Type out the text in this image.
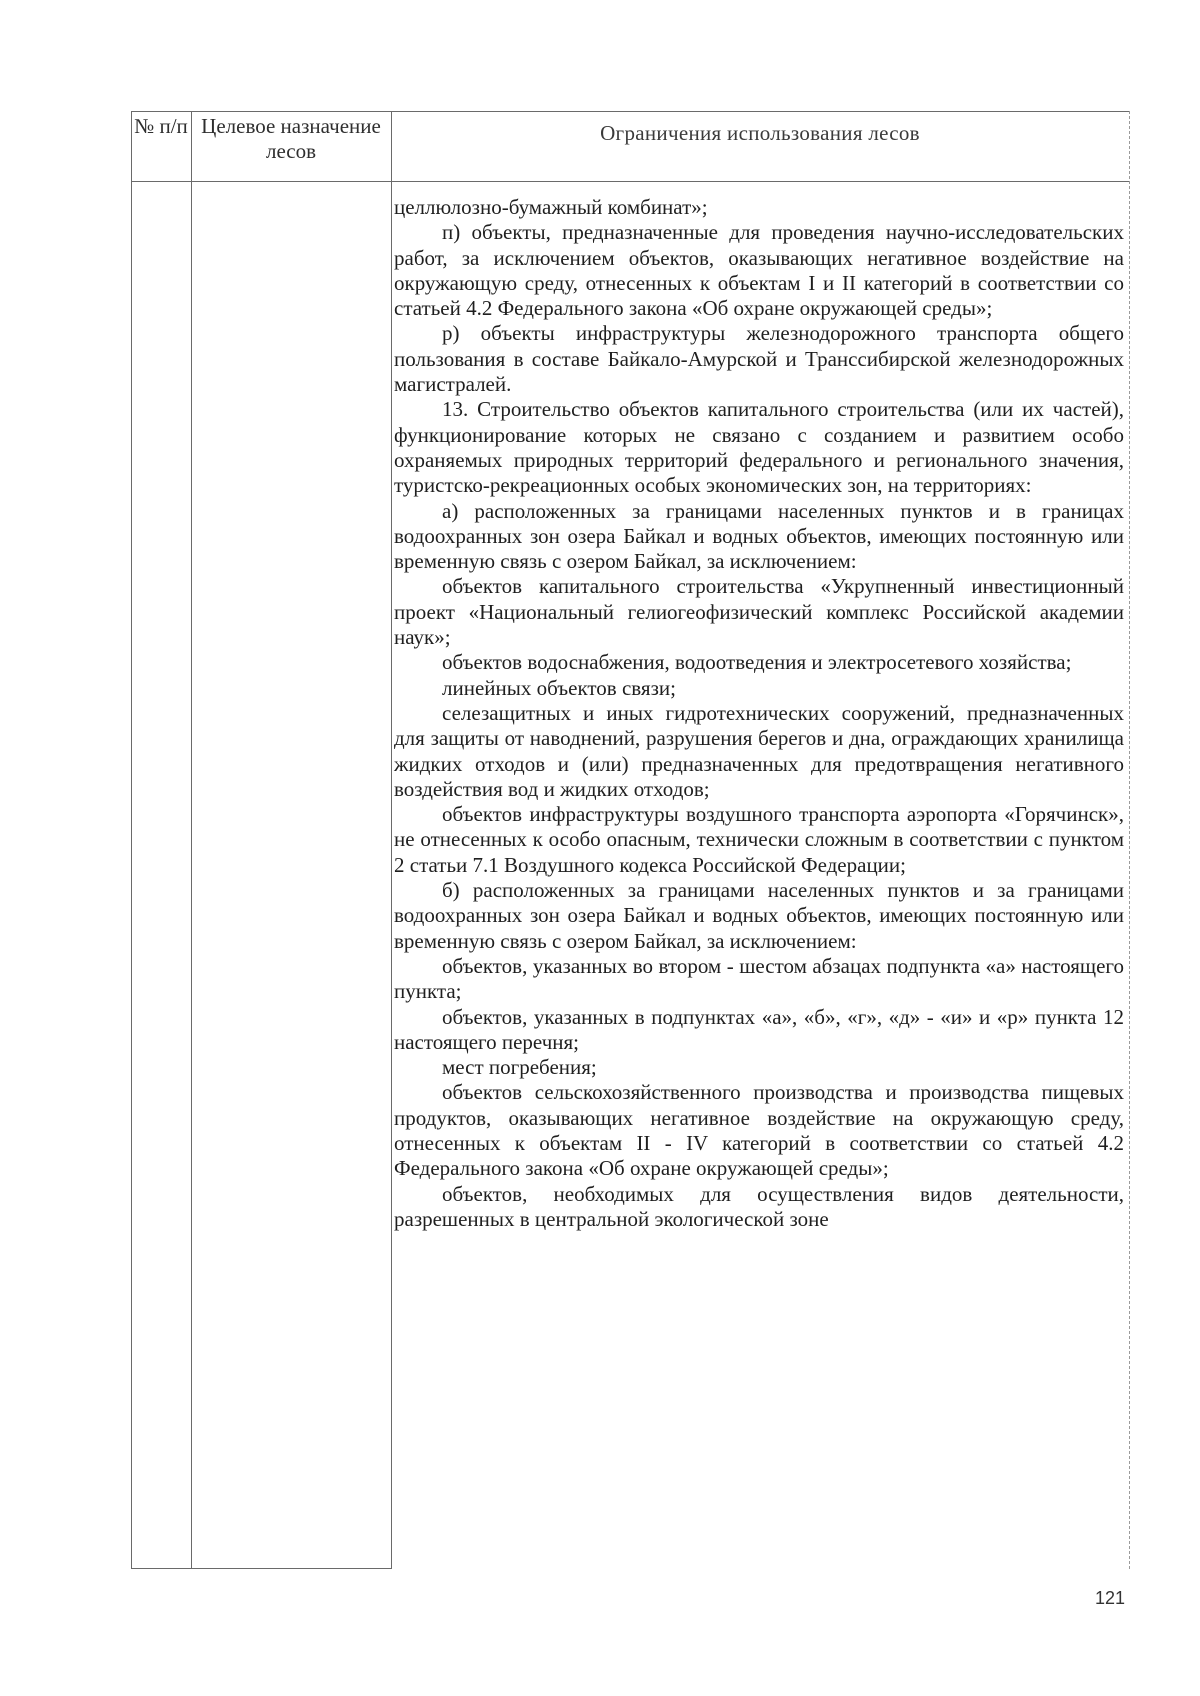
№ п/п Целевое назначение лесов
Ограничения использования лесов

целлюлозно-бумажный комбинат»;

п) объекты, предназначенные для проведения научно-исследовательских работ, за исключением объектов, оказывающих негативное воздействие на окружающую среду, отнесенных к объектам I и II категорий в соответствии со статьей 4.2 Федерального закона «Об охране окружающей среды»;

р) объекты инфраструктуры железнодорожного транспорта общего пользования в составе Байкало-Амурской и Транссибирской железнодорожных магистралей.

13. Строительство объектов капитального строительства (или их частей), функционирование которых не связано с созданием и развитием особо охраняемых природных территорий федерального и регионального значения, туристско-рекреационных особых экономических зон, на территориях:

а) расположенных за границами населенных пунктов и в границах водоохранных зон озера Байкал и водных объектов, имеющих постоянную или временную связь с озером Байкал, за исключением:

объектов капитального строительства «Укрупненный инвестиционный проект «Национальный гелиогеофизический комплекс Российской академии наук»;

объектов водоснабжения, водоотведения и электросетевого хозяйства;

линейных объектов связи;

селезащитных и иных гидротехнических сооружений, предназначенных для защиты от наводнений, разрушения берегов и дна, ограждающих хранилища жидких отходов и (или) предназначенных для предотвращения негативного воздействия вод и жидких отходов;

объектов инфраструктуры воздушного транспорта аэропорта «Горячинск», не отнесенных к особо опасным, технически сложным в соответствии с пунктом 2 статьи 7.1 Воздушного кодекса Российской Федерации;

б) расположенных за границами населенных пунктов и за границами водоохранных зон озера Байкал и водных объектов, имеющих постоянную или временную связь с озером Байкал, за исключением:

объектов, указанных во втором - шестом абзацах подпункта «а» настоящего пункта;

объектов, указанных в подпунктах «а», «б», «г», «д» - «и» и «р» пункта 12 настоящего перечня;

мест погребения;

объектов сельскохозяйственного производства и производства пищевых продуктов, оказывающих негативное воздействие на окружающую среду, отнесенных к объектам II - IV категорий в соответствии со статьей 4.2 Федерального закона «Об охране окружающей среды»;

объектов, необходимых для осуществления видов деятельности, разрешенных в центральной экологической зоне

121
